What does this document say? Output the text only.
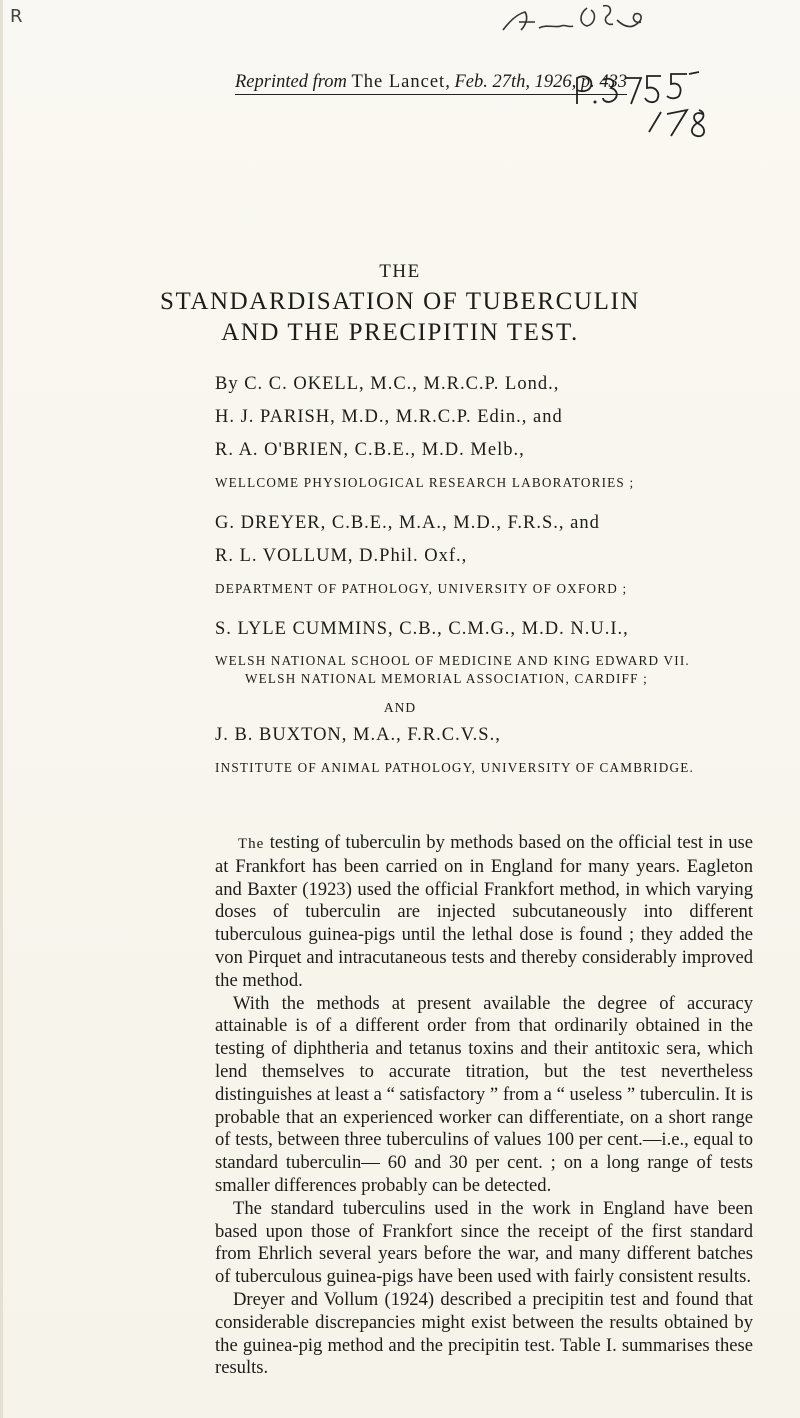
R
Reprinted from The Lancet, Feb. 27th, 1926, p. 433
THE
STANDARDISATION OF TUBERCULIN
AND THE PRECIPITIN TEST.
By C. C. OKELL, M.C., M.R.C.P. Lond.,
H. J. PARISH, M.D., M.R.C.P. Edin., and
R. A. O'BRIEN, C.B.E., M.D. Melb.,
WELLCOME PHYSIOLOGICAL RESEARCH LABORATORIES ;
G. DREYER, C.B.E., M.A., M.D., F.R.S., and
R. L. VOLLUM, D.Phil. Oxf.,
DEPARTMENT OF PATHOLOGY, UNIVERSITY OF OXFORD ;
S. LYLE CUMMINS, C.B., C.M.G., M.D. N.U.I.,
WELSH NATIONAL SCHOOL OF MEDICINE AND KING EDWARD VII.
WELSH NATIONAL MEMORIAL ASSOCIATION, CARDIFF ;
AND
J. B. BUXTON, M.A., F.R.C.V.S.,
INSTITUTE OF ANIMAL PATHOLOGY, UNIVERSITY OF CAMBRIDGE.

The testing of tuberculin by methods based on the official test in use at Frankfort has been carried on in England for many years. Eagleton and Baxter (1923) used the official Frankfort method, in which varying doses of tuberculin are injected subcutaneously into different tuberculous guinea-pigs until the lethal dose is found ; they added the von Pirquet and intracutaneous tests and thereby considerably improved the method.

With the methods at present available the degree of accuracy attainable is of a different order from that ordinarily obtained in the testing of diphtheria and tetanus toxins and their antitoxic sera, which lend themselves to accurate titration, but the test nevertheless distinguishes at least a “ satisfactory ” from a “ useless ” tuberculin. It is probable that an experienced worker can differentiate, on a short range of tests, between three tuberculins of values 100 per cent.—i.e., equal to standard tuberculin— 60 and 30 per cent. ; on a long range of tests smaller differences probably can be detected.

The standard tuberculins used in the work in England have been based upon those of Frankfort since the receipt of the first standard from Ehrlich several years before the war, and many different batches of tuberculous guinea-pigs have been used with fairly consistent results.

Dreyer and Vollum (1924) described a precipitin test and found that considerable discrepancies might exist between the results obtained by the guinea-pig method and the precipitin test. Table I. summarises these results.
